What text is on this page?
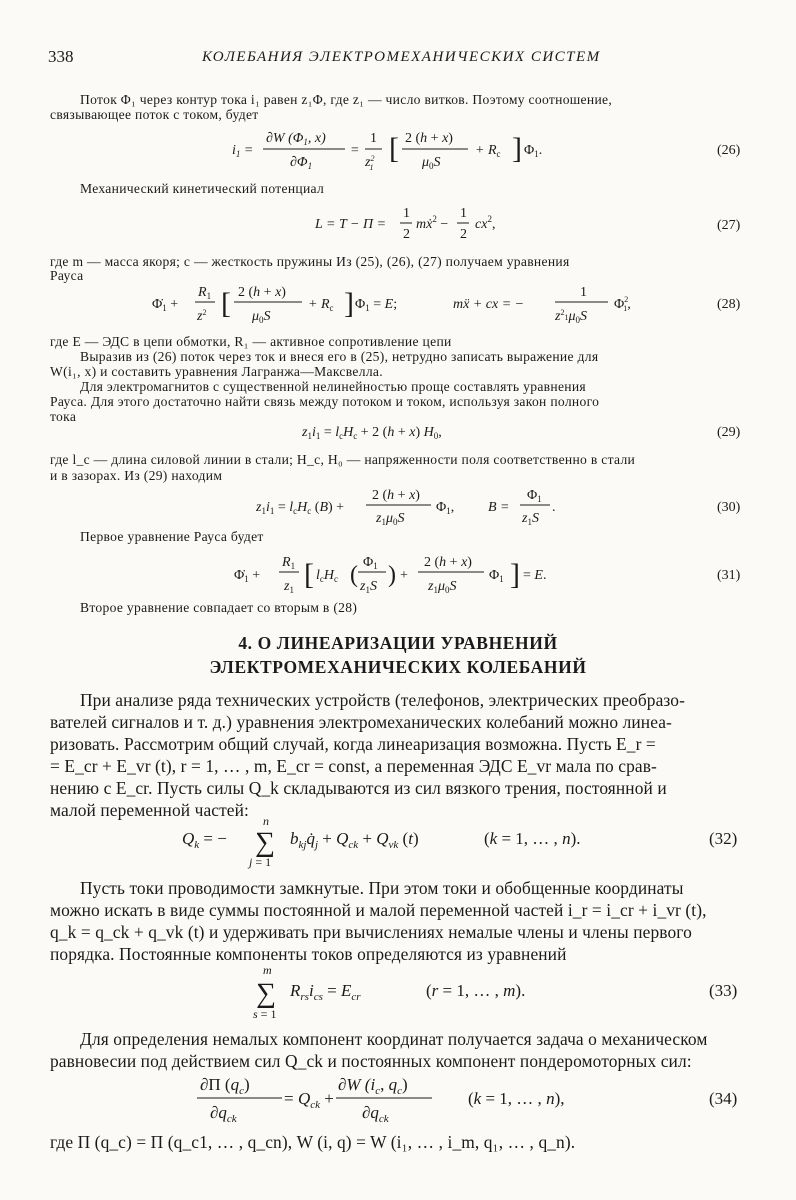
338	КОЛЕБАНИЯ ЭЛЕКТРОМЕХАНИЧЕСКИХ СИСТЕМ
Поток Φ₁ через контур тока i₁ равен z₁Φ, где z₁ — число витков. Поэтому соотношение,
связывающее поток с током, будет
$i_1$ =
∂W ($\Phi_1$, x)
$\partial\Phi_1$
=
1
$z^2$ 1
[ 2 (h + x)
$\mu_0S$
+ $R_c$ ] $\Phi_1$.	(26)
Механический кинетический потенциал
L = T − Π =
1
2
mẋ$^2$ −
1
2
$cx^2$,	(27)
где m — масса якоря; c — жесткость пружины Из (25), (26), (27) получаем уравнения
Рауса
$\Phi̇_1$ +
$R_1$
$z^2$ [ 2 (h + x)
$\mu_0S$
+ $R_c$ ] $\Phi_1 = E$;	mẍ + cx = −
1
$z^2_1\mu_0S$
$\Phi^2$ 1,	(28)
где E — ЭДС в цепи обмотки, R₁ — активное сопротивление цепи
Выразив из (26) поток через ток и внеся его в (25), нетрудно записать выражение для
W(i₁, x) и составить уравнения Лагранжа—Максвелла.
Для электромагнитов с существенной нелинейностью проще составлять уравнения
Рауса. Для этого достаточно найти связь между потоком и током, используя закон полного
тока
$z_1i_1 = l_cH_c + 2$ (h + x) $H_0$,	(29)
где l_c — длина силовой линии в стали; H_c, H₀ — напряженности поля соответственно в стали
и в зазорах. Из (29) находим
$z_1i_1 = l_cH_c$ (B) +
2 (h + x)
$z_1\mu_0S$
$\Phi_1$, B =
$\Phi_1$
$z_1S$
.	(30)
Первое уравнение Рауса будет
$\Phi̇_1$ +
$R_1$
$z_1$ [ $l_cH_c$ ( $\Phi_1$
$z_1S$ ) +
2 (h + x)
$z_1\mu_0S$
$\Phi_1$ ] = E.	(31)
Второе уравнение совпадает со вторым в (28)
4. О ЛИНЕАРИЗАЦИИ УРАВНЕНИЙ
ЭЛЕКТРОМЕХАНИЧЕСКИХ КОЛЕБАНИЙ
При анализе ряда технических устройств (телефонов, электрических преобразо-
вателей сигналов и т. д.) уравнения электромеханических колебаний можно линеа-
ризовать. Рассмотрим общий случай, когда линеаризация возможна. Пусть E_r =
= E_cr + E_vr (t), r = 1, … , m, E_cr = const, а переменная ЭДС E_vr мала по срав-
нению с E_cr. Пусть силы Q_k складываются из сил вязкого трения, постоянной и
малой переменной частей:
$Q_k$ = −
n
∑
j = 1
$b_{kj}q̇_j + Q_{ck} + Q_{vk}$ (t)	(k = 1, … , n).	(32)
Пусть токи проводимости замкнутые. При этом токи и обобщенные координаты
можно искать в виде суммы постоянной и малой переменной частей i_r = i_cr + i_vr (t),
q_k = q_ck + q_vk (t) и удерживать при вычислениях немалые члены и члены первого
порядка. Постоянные компоненты токов определяются из уравнений
m
∑
s = 1
$R_{rs}i_{cs} = E_{cr}$	(r = 1, … , m).	(33)
Для определения немалых компонент координат получается задача о механическом
равновесии под действием сил Q_ck и постоянных компонент пондеромоторных сил:
∂Π $(q_c)$
$\partial q_{ck}$
= $Q_{ck}$ +
∂W ($i_c$, $q_c$)
$\partial q_{ck}$
(k = 1, … , n),	(34)
где Π (q_c) = Π (q_c1, … , q_cn), W (i, q) = W (i₁, … , i_m, q₁, … , q_n).
